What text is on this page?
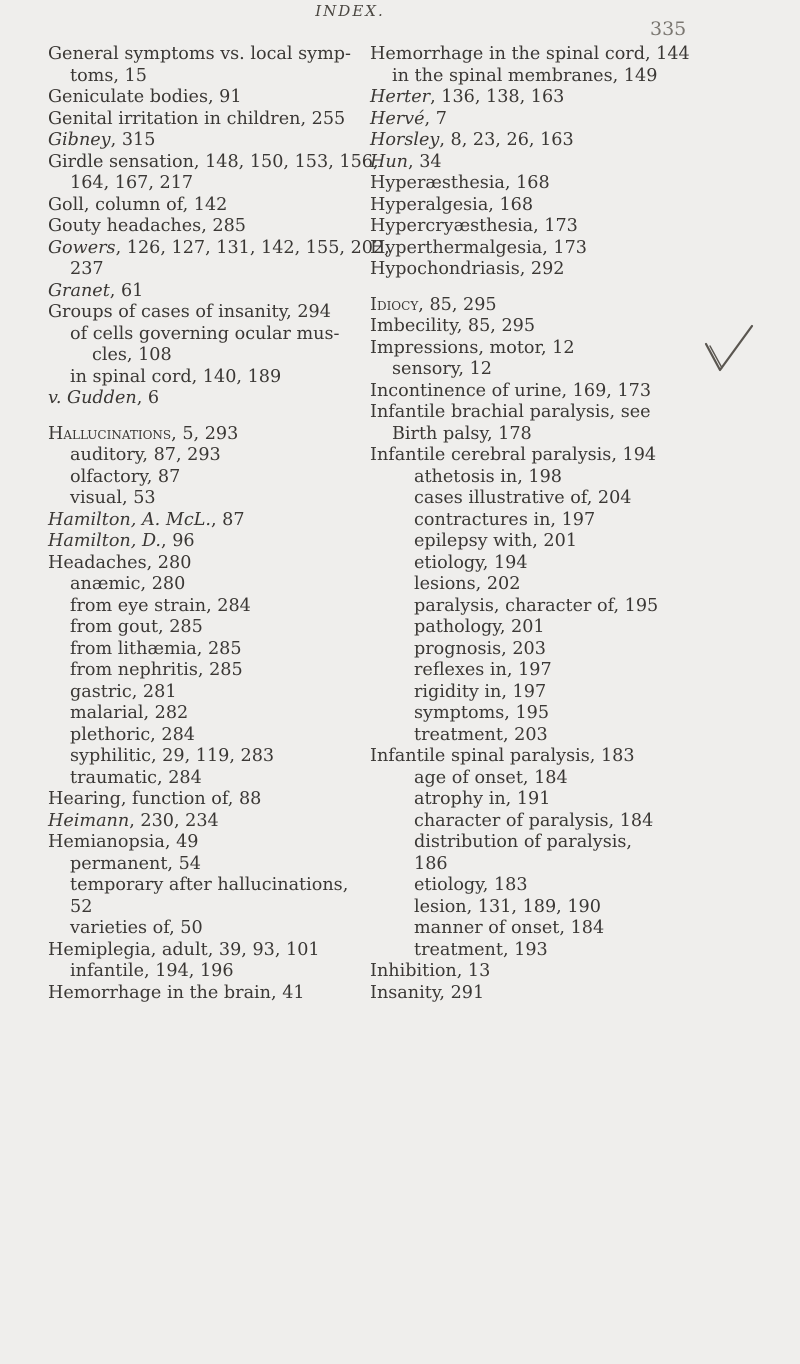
INDEX.
335
General symptoms vs. local symp-
toms, 15
Geniculate bodies, 91
Genital irritation in children, 255
Gibney, 315
Girdle sensation, 148, 150, 153, 156,
164, 167, 217
Goll, column of, 142
Gouty headaches, 285
Gowers, 126, 127, 131, 142, 155, 202,
237
Granet, 61
Groups of cases of insanity, 294
of cells governing ocular mus-
cles, 108
in spinal cord, 140, 189
v. Gudden, 6
Hallucinations, 5, 293
auditory, 87, 293
olfactory, 87
visual, 53
Hamilton, A. McL., 87
Hamilton, D., 96
Headaches, 280
anæmic, 280
from eye strain, 284
from gout, 285
from lithæmia, 285
from nephritis, 285
gastric, 281
malarial, 282
plethoric, 284
syphilitic, 29, 119, 283
traumatic, 284
Hearing, function of, 88
Heimann, 230, 234
Hemianopsia, 49
permanent, 54
temporary after hallucinations,
52
varieties of, 50
Hemiplegia, adult, 39, 93, 101
infantile, 194, 196
Hemorrhage in the brain, 41
Hemorrhage in the spinal cord, 144
in the spinal membranes, 149
Herter, 136, 138, 163
Hervé, 7
Horsley, 8, 23, 26, 163
Hun, 34
Hyperæsthesia, 168
Hyperalgesia, 168
Hypercryæsthesia, 173
Hyperthermalgesia, 173
Hypochondriasis, 292
Idiocy, 85, 295
Imbecility, 85, 295
Impressions, motor, 12
sensory, 12
Incontinence of urine, 169, 173
Infantile brachial paralysis, see
Birth palsy, 178
Infantile cerebral paralysis, 194
athetosis in, 198
cases illustrative of, 204
contractures in, 197
epilepsy with, 201
etiology, 194
lesions, 202
paralysis, character of, 195
pathology, 201
prognosis, 203
reflexes in, 197
rigidity in, 197
symptoms, 195
treatment, 203
Infantile spinal paralysis, 183
age of onset, 184
atrophy in, 191
character of paralysis, 184
distribution of paralysis,
186
etiology, 183
lesion, 131, 189, 190
manner of onset, 184
treatment, 193
Inhibition, 13
Insanity, 291
